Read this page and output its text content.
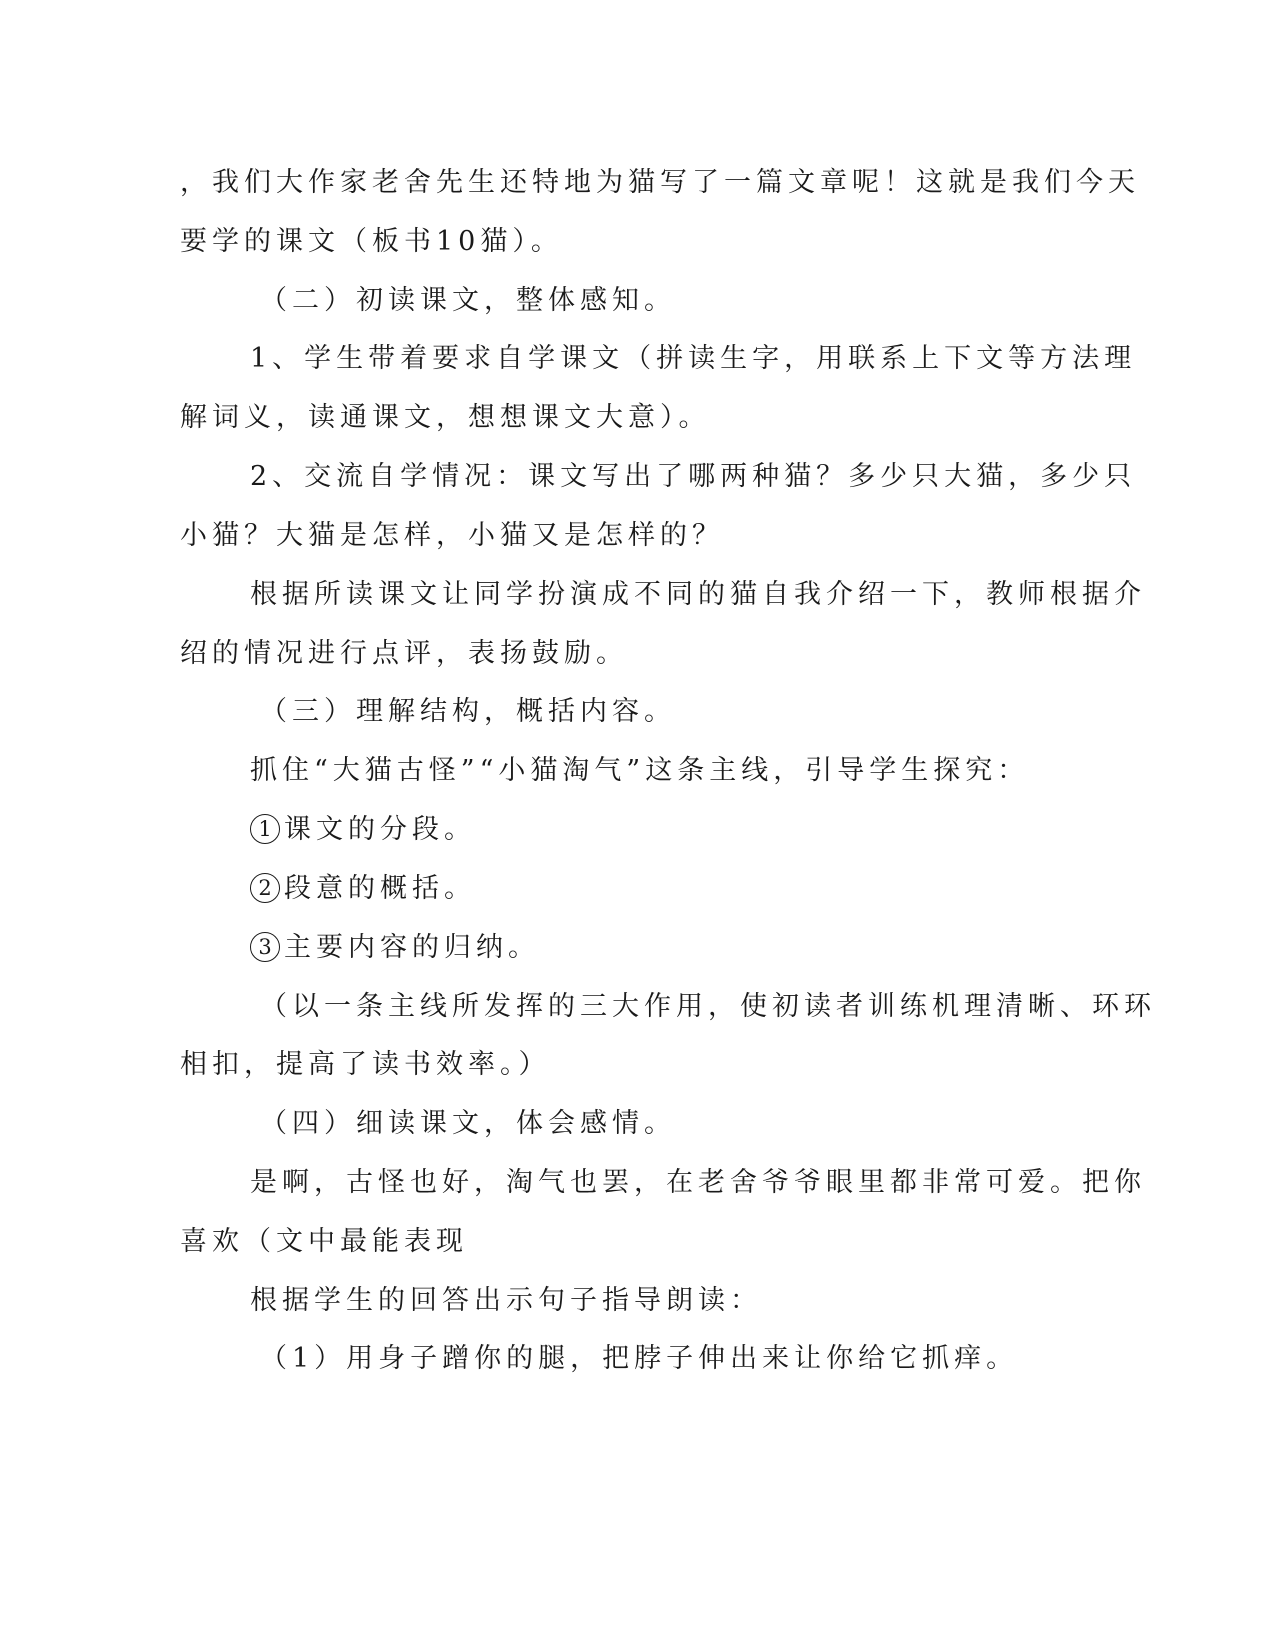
，我们大作家老舍先生还特地为猫写了一篇文章呢！这就是我们今天
要学的课文（板书10猫）。
（二）初读课文，整体感知。
1、学生带着要求自学课文（拼读生字，用联系上下文等方法理
解词义，读通课文，想想课文大意）。
2、交流自学情况：课文写出了哪两种猫？多少只大猫，多少只
小猫？大猫是怎样，小猫又是怎样的？
根据所读课文让同学扮演成不同的猫自我介绍一下，教师根据介
绍的情况进行点评，表扬鼓励。
（三）理解结构，概括内容。
抓住“大猫古怪”“小猫淘气”这条主线，引导学生探究：
1 课文的分段。
2 段意的概括。
3 主要内容的归纳。
（以一条主线所发挥的三大作用，使初读者训练机理清晰、环环
相扣，提高了读书效率。）
（四）细读课文，体会感情。
是啊，古怪也好，淘气也罢，在老舍爷爷眼里都非常可爱。把你
喜欢（文中最能表现
根据学生的回答出示句子指导朗读：
（1）用身子蹭你的腿，把脖子伸出来让你给它抓痒。
